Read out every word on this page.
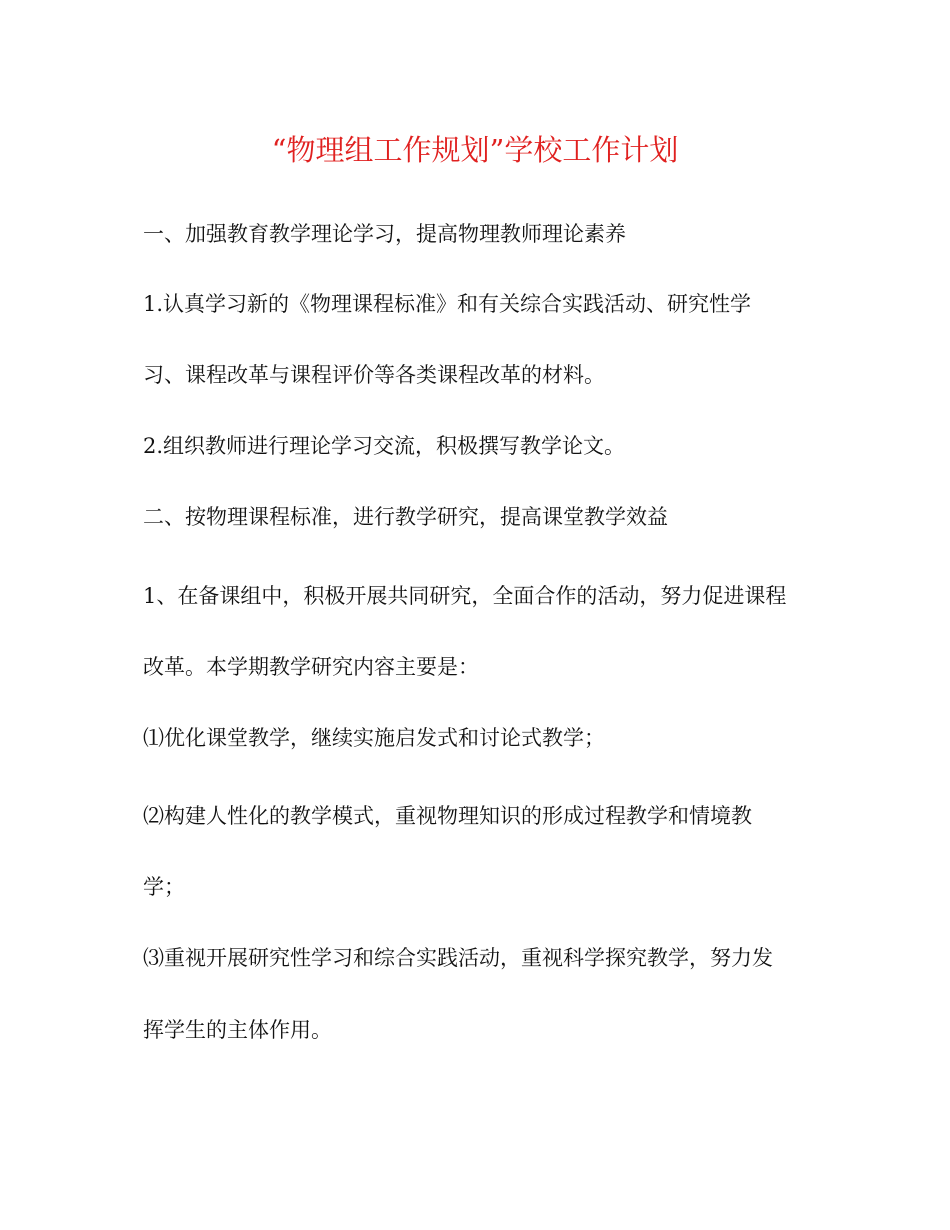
“物理组工作规划”学校工作计划
一、加强教育教学理论学习，提高物理教师理论素养
1.认真学习新的《物理课程标准》和有关综合实践活动、研究性学
习、课程改革与课程评价等各类课程改革的材料。
2.组织教师进行理论学习交流，积极撰写教学论文。
二、按物理课程标准，进行教学研究，提高课堂教学效益
1、在备课组中，积极开展共同研究，全面合作的活动，努力促进课程
改革。本学期教学研究内容主要是：
⑴优化课堂教学，继续实施启发式和讨论式教学；
⑵构建人性化的教学模式，重视物理知识的形成过程教学和情境教
学；
⑶重视开展研究性学习和综合实践活动，重视科学探究教学，努力发
挥学生的主体作用。
